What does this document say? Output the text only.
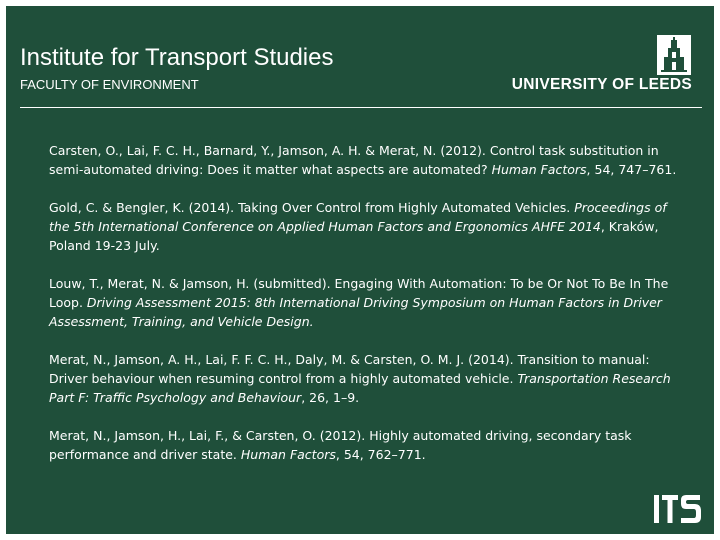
Institute for Transport Studies
FACULTY OF ENVIRONMENT	UNIVERSITY OF LEEDS

Carsten, O., Lai, F. C. H., Barnard, Y., Jamson, A. H. & Merat, N. (2012). Control task substitution in semi-automated driving: Does it matter what aspects are automated? Human Factors, 54, 747–761.

Gold, C. & Bengler, K. (2014). Taking Over Control from Highly Automated Vehicles. Proceedings of the 5th International Conference on Applied Human Factors and Ergonomics AHFE 2014, Kraków, Poland 19-23 July.

Louw, T., Merat, N. & Jamson, H. (submitted). Engaging With Automation: To be Or Not To Be In The Loop. Driving Assessment 2015: 8th International Driving Symposium on Human Factors in Driver Assessment, Training, and Vehicle Design.

Merat, N., Jamson, A. H., Lai, F. F. C. H., Daly, M. & Carsten, O. M. J. (2014). Transition to manual: Driver behaviour when resuming control from a highly automated vehicle. Transportation Research Part F: Traffic Psychology and Behaviour, 26, 1–9.

Merat, N., Jamson, H., Lai, F., & Carsten, O. (2012). Highly automated driving, secondary task performance and driver state. Human Factors, 54, 762–771.
